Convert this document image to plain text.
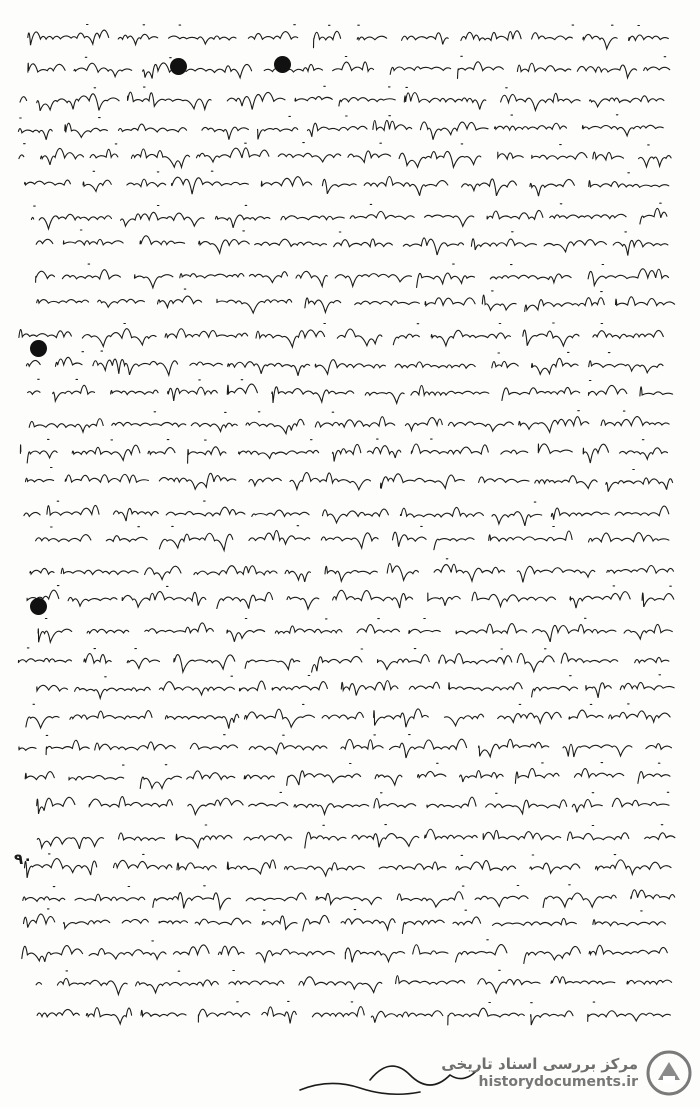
٩٠
مرکز بررسی اسناد تاریخی
historydocuments.ir
